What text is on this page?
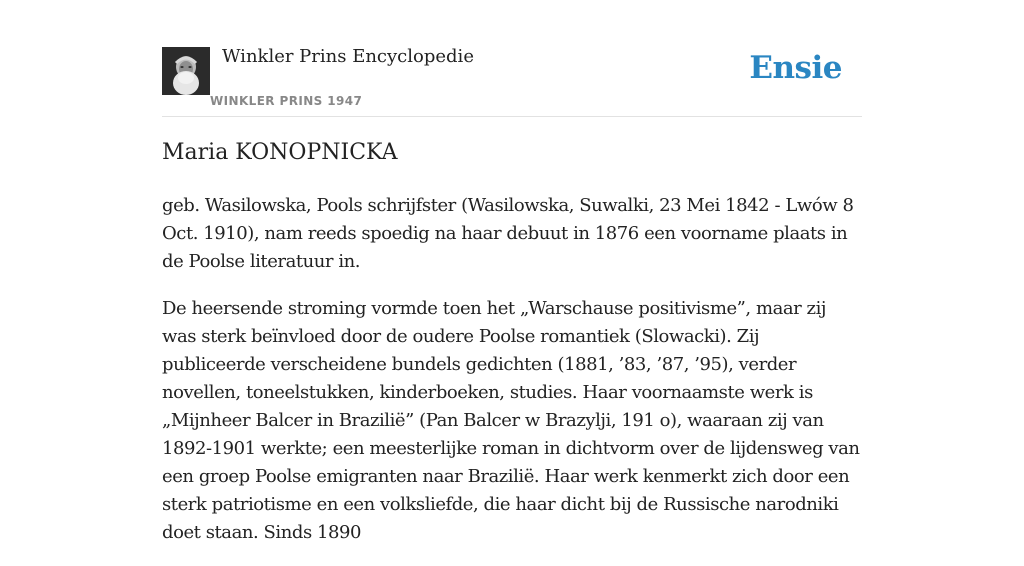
Winkler Prins Encyclopedie
WINKLER PRINS 1947
Ensie
Maria KONOPNICKA

geb. Wasilowska, Pools schrijfster (Wasilowska, Suwalki, 23 Mei 1842 - Lwów 8 Oct. 1910), nam reeds spoedig na haar debuut in 1876 een voorname plaats in de Poolse literatuur in.

De heersende stroming vormde toen het „Warschause positivisme”, maar zij was sterk beïnvloed door de oudere Poolse romantiek (Slowacki). Zij publiceerde verscheidene bundels gedichten (1881, ’83, ’87, ’95), verder novellen, toneelstukken, kinderboeken, studies. Haar voornaamste werk is „Mijnheer Balcer in Brazilië” (Pan Balcer w Brazylji, 191 o), waaraan zij van 1892-1901 werkte; een meesterlijke roman in dichtvorm over de lijdensweg van een groep Poolse emigranten naar Brazilië. Haar werk kenmerkt zich door een sterk patriotisme en een volksliefde, die haar dicht bij de Russische narodniki doet staan. Sinds 1890
